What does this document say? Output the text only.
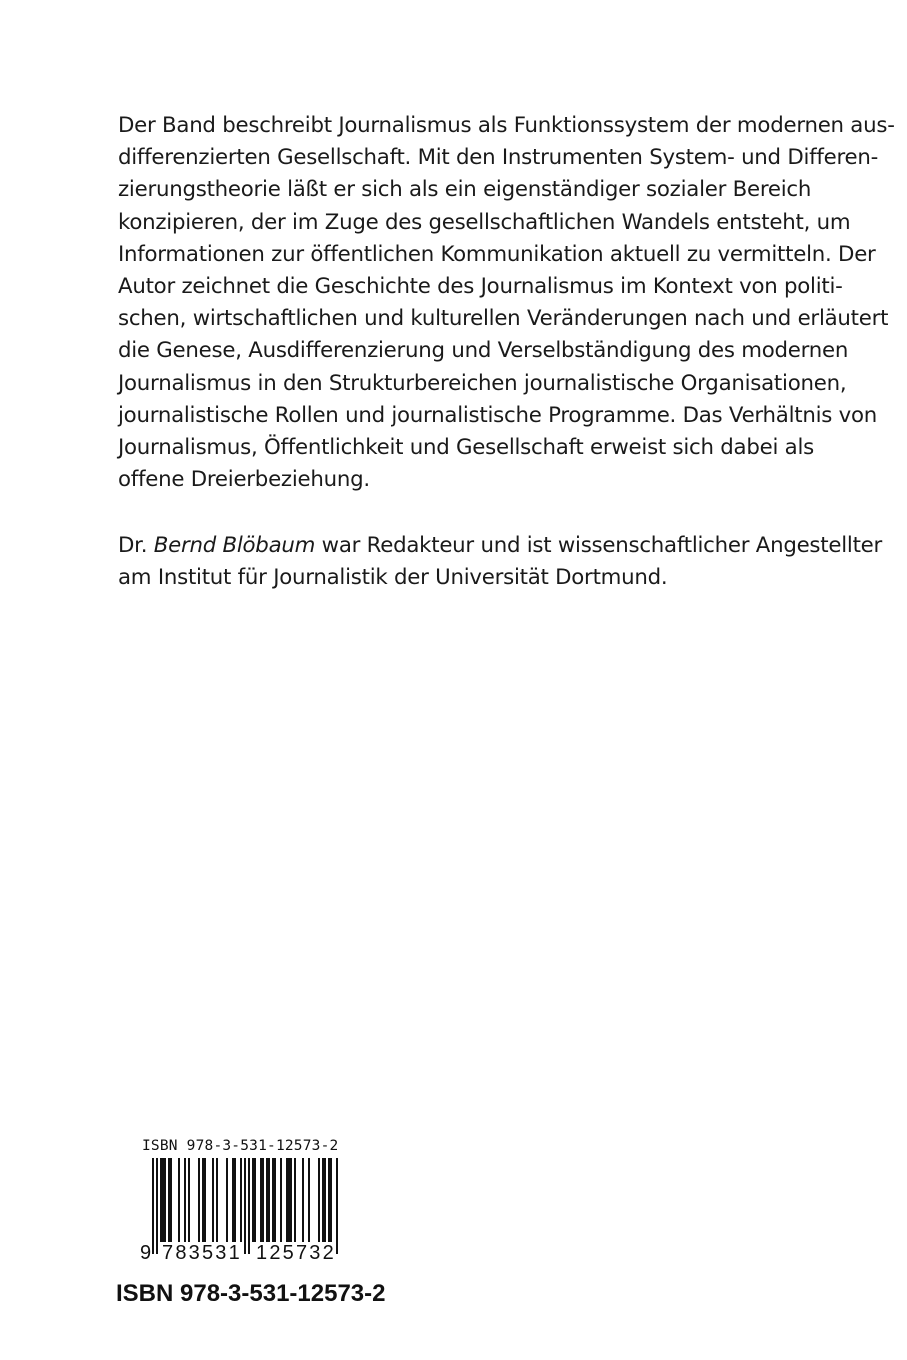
Der Band beschreibt Journalismus als Funktionssystem der modernen aus-
differenzierten Gesellschaft. Mit den Instrumenten System- und Differen-
zierungstheorie läßt er sich als ein eigenständiger sozialer Bereich
konzipieren, der im Zuge des gesellschaftlichen Wandels entsteht, um
Informationen zur öffentlichen Kommunikation aktuell zu vermitteln. Der
Autor zeichnet die Geschichte des Journalismus im Kontext von politi-
schen, wirtschaftlichen und kulturellen Veränderungen nach und erläutert
die Genese, Ausdifferenzierung und Verselbständigung des modernen
Journalismus in den Strukturbereichen journalistische Organisationen,
journalistische Rollen und journalistische Programme. Das Verhältnis von
Journalismus, Öffentlichkeit und Gesellschaft erweist sich dabei als
offene Dreierbeziehung.
Dr. Bernd Blöbaum war Redakteur und ist wissenschaftlicher Angestellter
am Institut für Journalistik der Universität Dortmund.
ISBN 978-3-531-12573-2
9 783531 125732
ISBN 978-3-531-12573-2
